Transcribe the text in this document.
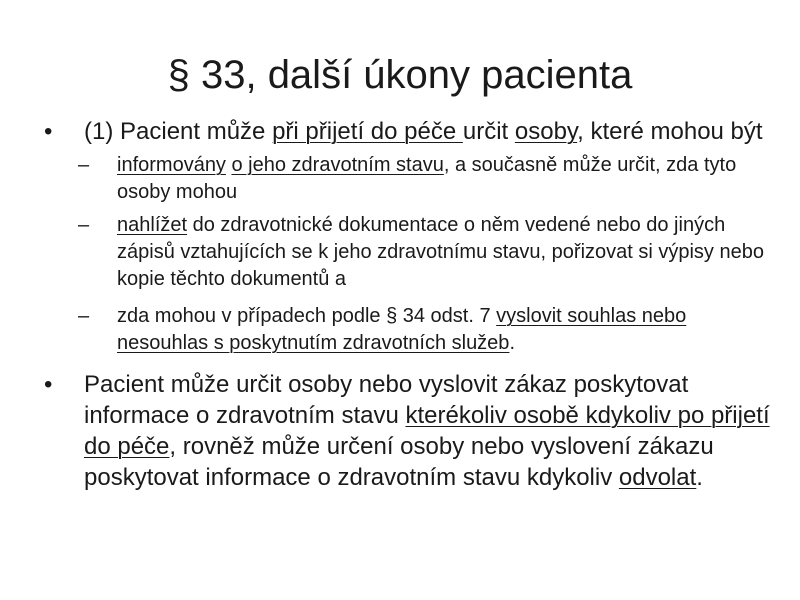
§ 33, další úkony pacienta

• (1) Pacient může při přijetí do péče určit osoby, které mohou být

– informovány o jeho zdravotním stavu, a současně může určit, zda tyto osoby mohou

– nahlížet do zdravotnické dokumentace o něm vedené nebo do jiných zápisů vztahujících se k jeho zdravotnímu stavu, pořizovat si výpisy nebo kopie těchto dokumentů a

– zda mohou v případech podle § 34 odst. 7 vyslovit souhlas nebo nesouhlas s poskytnutím zdravotních služeb.

• Pacient může určit osoby nebo vyslovit zákaz poskytovat informace o zdravotním stavu kterékoliv osobě kdykoliv po přijetí do péče, rovněž může určení osoby nebo vyslovení zákazu poskytovat informace o zdravotním stavu kdykoliv odvolat.
